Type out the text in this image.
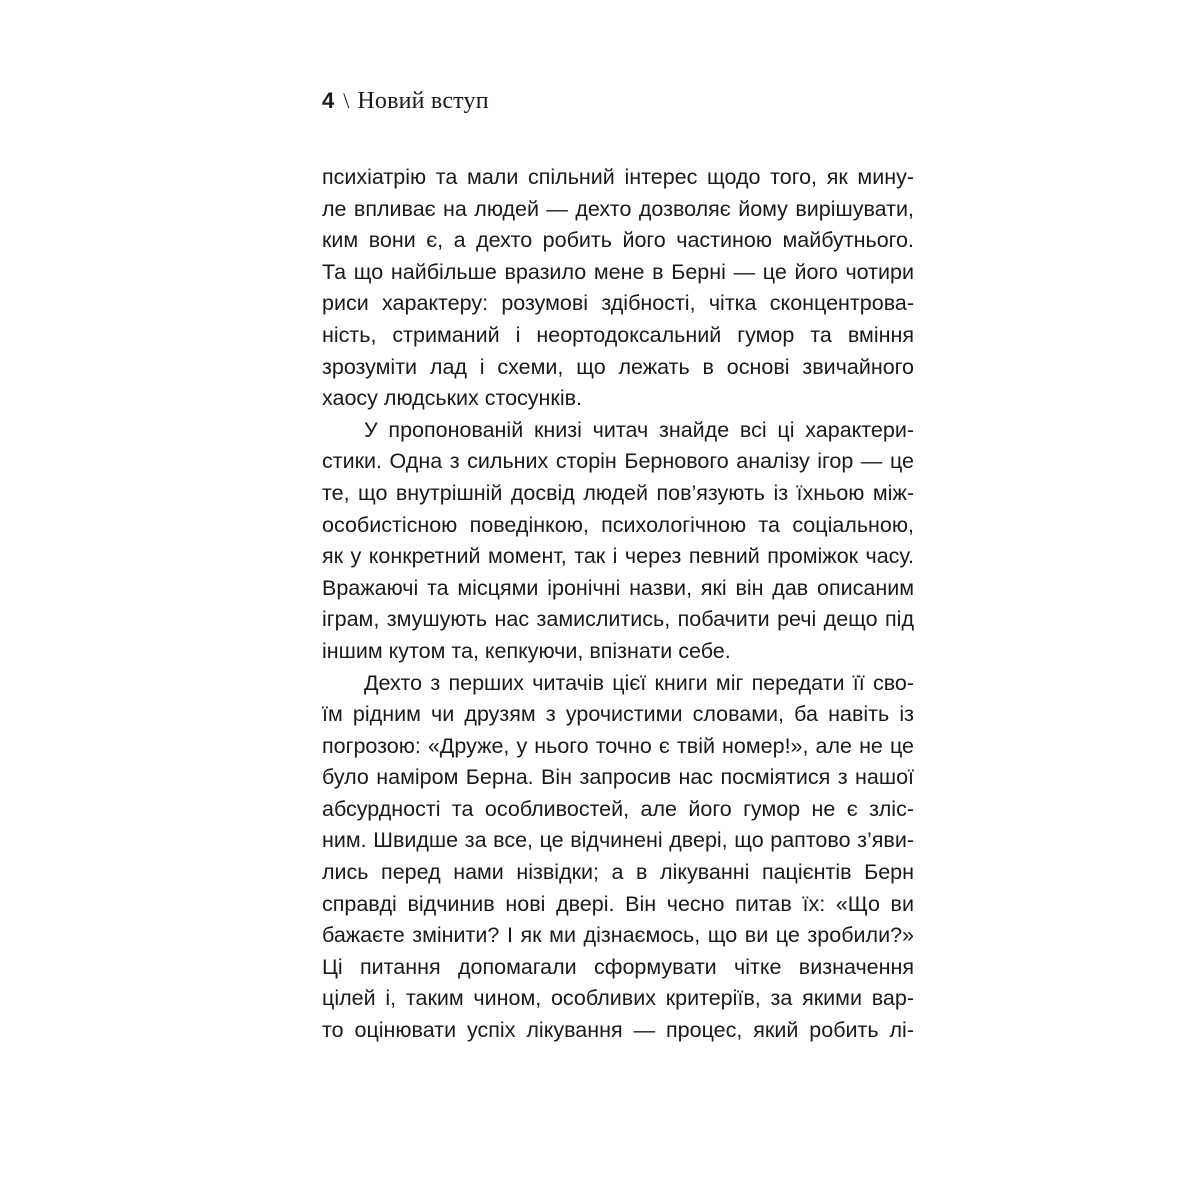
4 \ Новий вступ
психіатрію та мали спільний інтерес щодо того, як мину-
ле впливає на людей — дехто дозволяє йому вирішувати,
ким вони є, а дехто робить його частиною майбутнього.
Та що найбільше вразило мене в Берні — це його чотири
риси характеру: розумові здібності, чітка сконцентрова-
ність, стриманий і неортодоксальний гумор та вміння
зрозуміти лад і схеми, що лежать в основі звичайного
хаосу людських стосунків.
У пропонованій книзі читач знайде всі ці характери-
стики. Одна з сильних сторін Бернового аналізу ігор — це
те, що внутрішній досвід людей пов’язують із їхньою між-
особистісною поведінкою, психологічною та соціальною,
як у конкретний момент, так і через певний проміжок часу.
Вражаючі та місцями іронічні назви, які він дав описаним
іграм, змушують нас замислитись, побачити речі дещо під
іншим кутом та, кепкуючи, впізнати себе.
Дехто з перших читачів цієї книги міг передати її сво-
їм рідним чи друзям з урочистими словами, ба навіть із
погрозою: «Друже, у нього точно є твій номер!», але не це
було наміром Берна. Він запросив нас посміятися з нашої
абсурдності та особливостей, але його гумор не є зліс-
ним. Швидше за все, це відчинені двері, що раптово з’яви-
лись перед нами нізвідки; а в лікуванні пацієнтів Берн
справді відчинив нові двері. Він чесно питав їх: «Що ви
бажаєте змінити? І як ми дізнаємось, що ви це зробили?»
Ці питання допомагали сформувати чітке визначення
цілей і, таким чином, особливих критеріїв, за якими вар-
то оцінювати успіх лікування — процес, який робить лі-
